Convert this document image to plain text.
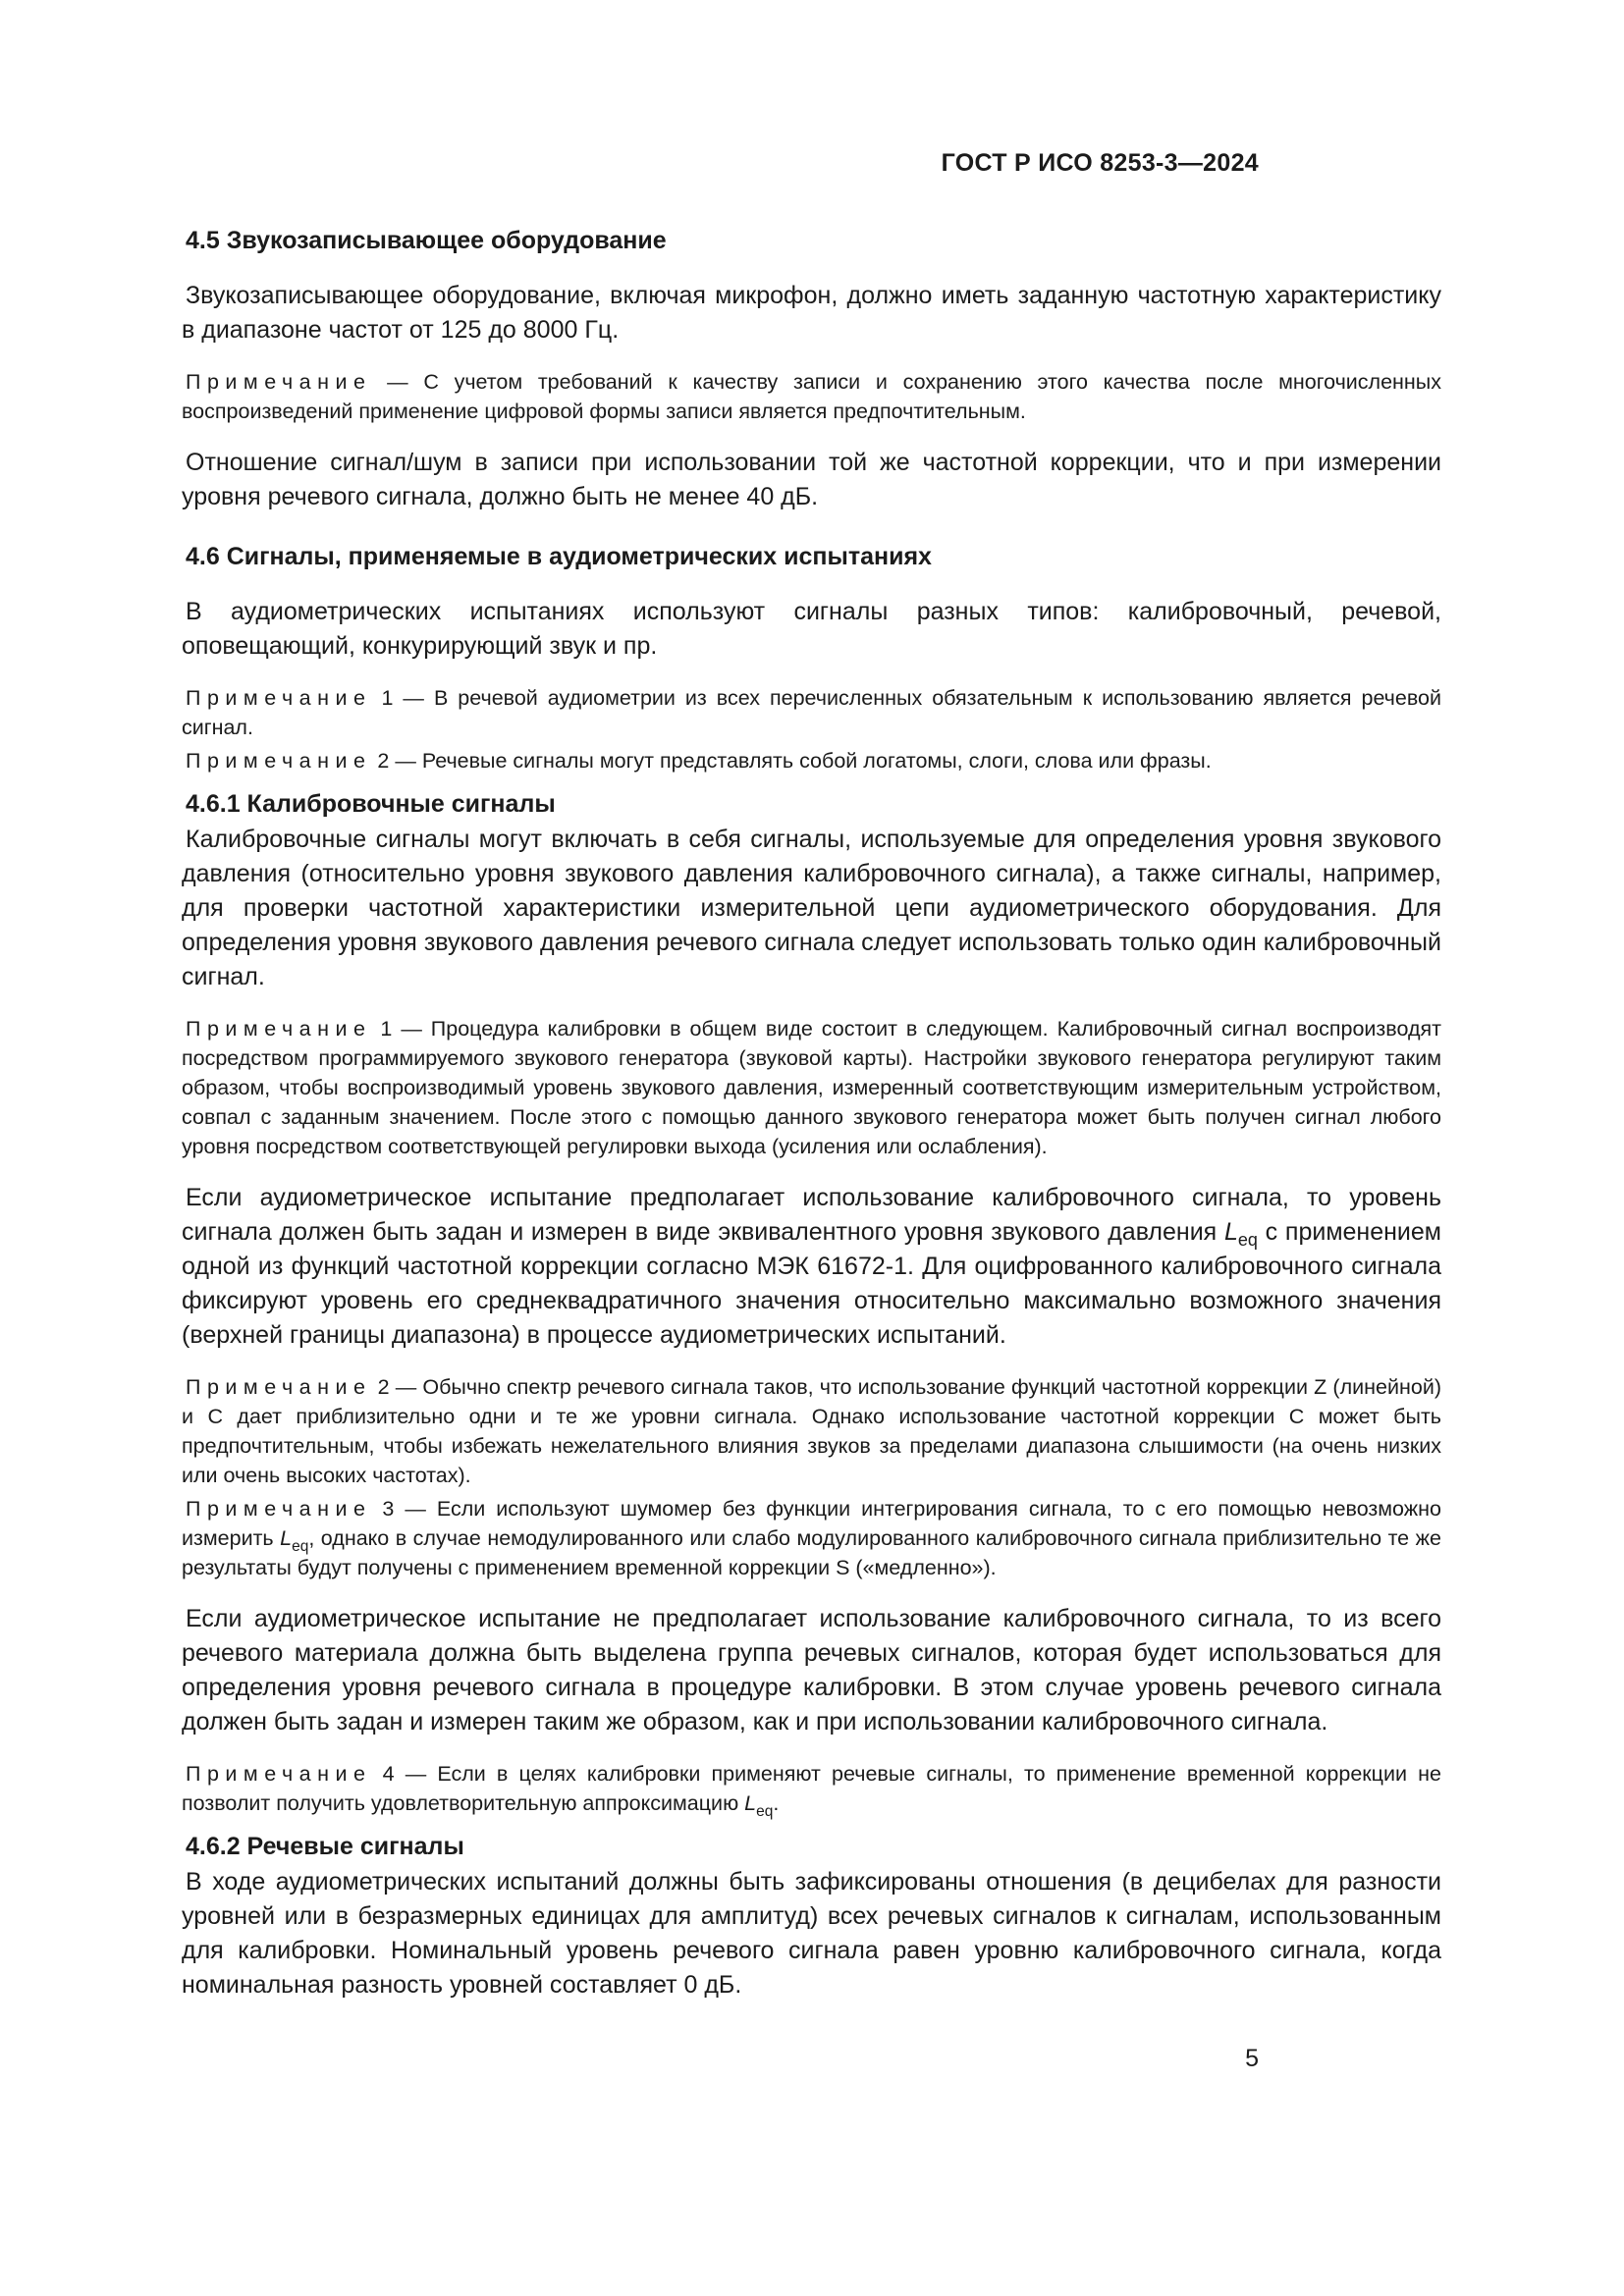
ГОСТ Р ИСО 8253-3—2024
4.5 Звукозаписывающее оборудование

Звукозаписывающее оборудование, включая микрофон, должно иметь заданную частотную характеристику в диапазоне частот от 125 до 8000 Гц.

Примечание — С учетом требований к качеству записи и сохранению этого качества после многочисленных воспроизведений применение цифровой формы записи является предпочтительным.

Отношение сигнал/шум в записи при использовании той же частотной коррекции, что и при измерении уровня речевого сигнала, должно быть не менее 40 дБ.

4.6 Сигналы, применяемые в аудиометрических испытаниях

В аудиометрических испытаниях используют сигналы разных типов: калибровочный, речевой, оповещающий, конкурирующий звук и пр.

Примечание 1 — В речевой аудиометрии из всех перечисленных обязательным к использованию является речевой сигнал.

Примечание 2 — Речевые сигналы могут представлять собой логатомы, слоги, слова или фразы.

4.6.1 Калибровочные сигналы

Калибровочные сигналы могут включать в себя сигналы, используемые для определения уровня звукового давления (относительно уровня звукового давления калибровочного сигнала), а также сигналы, например, для проверки частотной характеристики измерительной цепи аудиометрического оборудования. Для определения уровня звукового давления речевого сигнала следует использовать только один калибровочный сигнал.

Примечание 1 — Процедура калибровки в общем виде состоит в следующем. Калибровочный сигнал воспроизводят посредством программируемого звукового генератора (звуковой карты). Настройки звукового генератора регулируют таким образом, чтобы воспроизводимый уровень звукового давления, измеренный соответствующим измерительным устройством, совпал с заданным значением. После этого с помощью данного звукового генератора может быть получен сигнал любого уровня посредством соответствующей регулировки выхода (усиления или ослабления).

Если аудиометрическое испытание предполагает использование калибровочного сигнала, то уровень сигнала должен быть задан и измерен в виде эквивалентного уровня звукового давления $L_{eq}$ с применением одной из функций частотной коррекции согласно МЭК 61672-1. Для оцифрованного калибровочного сигнала фиксируют уровень его среднеквадратичного значения относительно максимально возможного значения (верхней границы диапазона) в процессе аудиометрических испытаний.

Примечание 2 — Обычно спектр речевого сигнала таков, что использование функций частотной коррекции Z (линейной) и C дает приблизительно одни и те же уровни сигнала. Однако использование частотной коррекции C может быть предпочтительным, чтобы избежать нежелательного влияния звуков за пределами диапазона слышимости (на очень низких или очень высоких частотах).

Примечание 3 — Если используют шумомер без функции интегрирования сигнала, то с его помощью невозможно измерить $L_{eq}$, однако в случае немодулированного или слабо модулированного калибровочного сигнала приблизительно те же результаты будут получены с применением временной коррекции S («медленно»).

Если аудиометрическое испытание не предполагает использование калибровочного сигнала, то из всего речевого материала должна быть выделена группа речевых сигналов, которая будет использоваться для определения уровня речевого сигнала в процедуре калибровки. В этом случае уровень речевого сигнала должен быть задан и измерен таким же образом, как и при использовании калибровочного сигнала.

Примечание 4 — Если в целях калибровки применяют речевые сигналы, то применение временной коррекции не позволит получить удовлетворительную аппроксимацию $L_{eq}$.

4.6.2 Речевые сигналы

В ходе аудиометрических испытаний должны быть зафиксированы отношения (в децибелах для разности уровней или в безразмерных единицах для амплитуд) всех речевых сигналов к сигналам, использованным для калибровки. Номинальный уровень речевого сигнала равен уровню калибровочного сигнала, когда номинальная разность уровней составляет 0 дБ.

5
